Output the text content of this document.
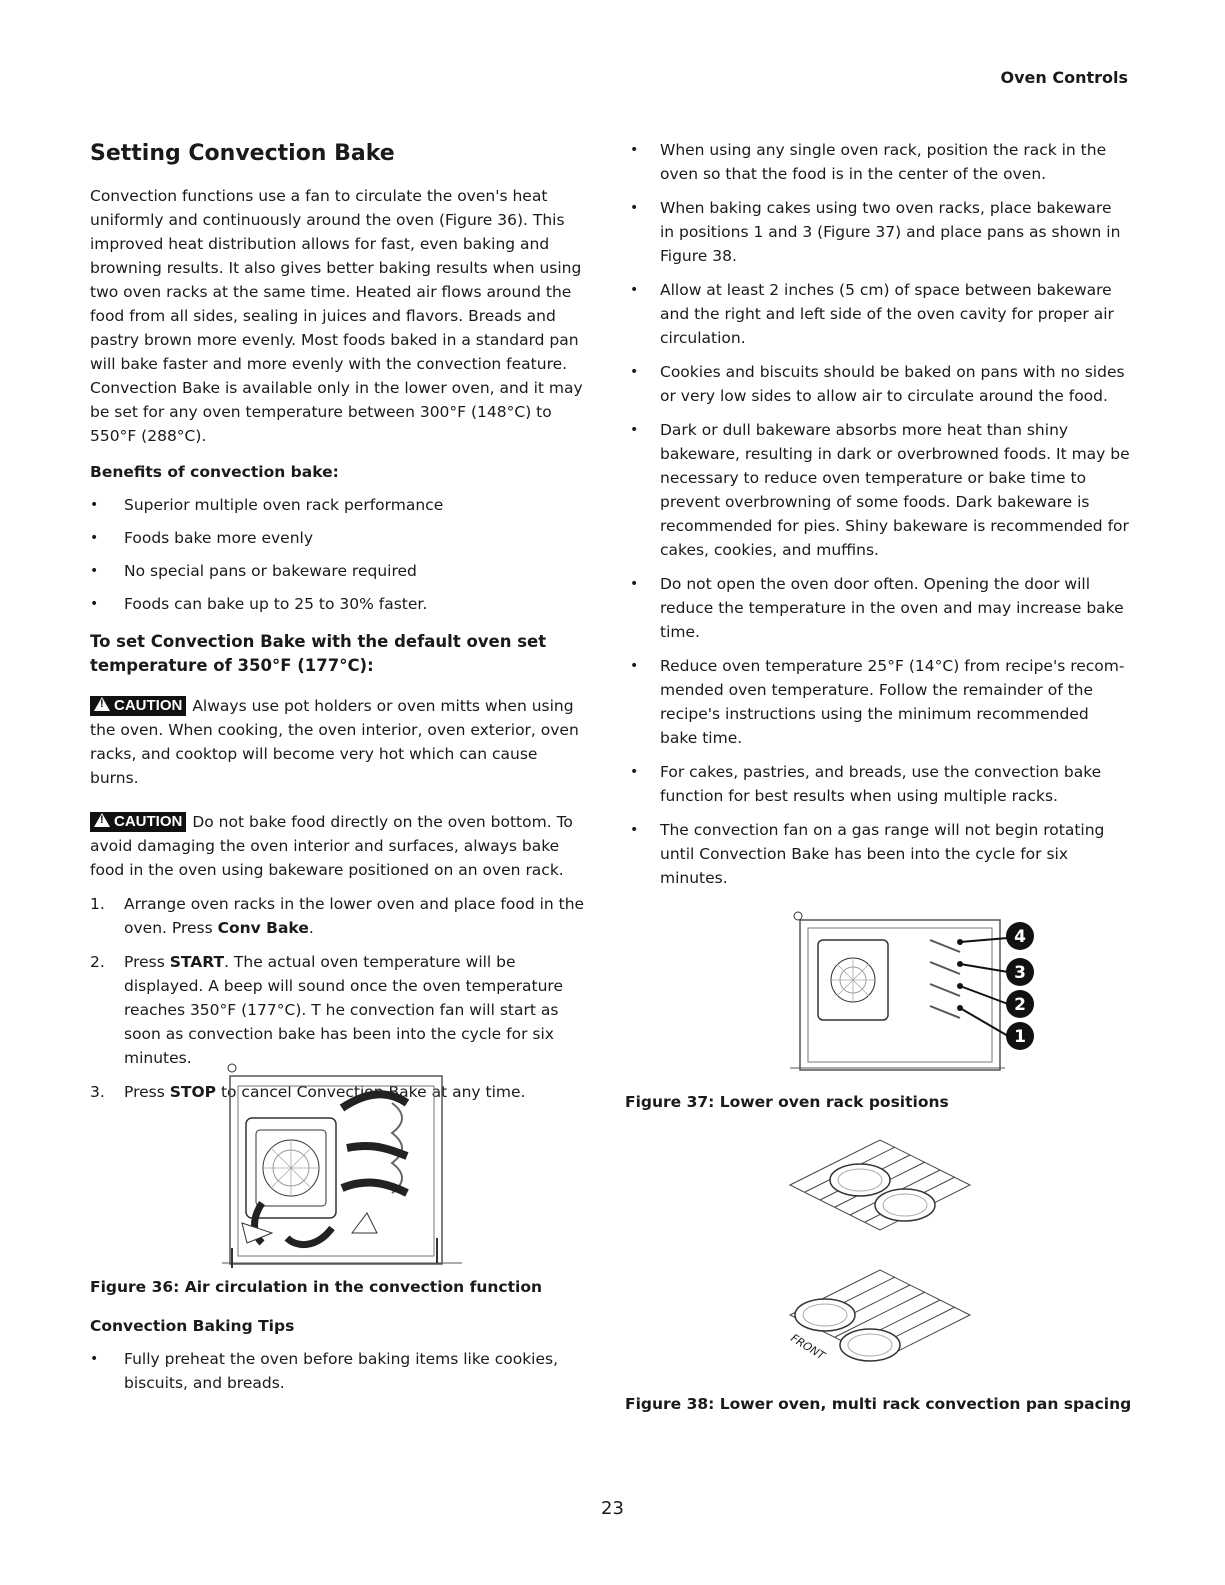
Oven Controls
Setting Convection Bake

Convection functions use a fan to circulate the oven's heat uniformly and continuously around the oven (Figure 36). This improved heat distribution allows for fast, even baking and browning results. It also gives better baking results when using two oven racks at the same time. Heated air flows around the food from all sides, sealing in juices and flavors. Breads and pastry brown more evenly. Most foods baked in a standard pan will bake faster and more evenly with the convection feature. Convection Bake is available only in the lower oven, and it may be set for any oven temperature between 300°F (148°C) to 550°F (288°C).

Benefits of convection bake:

• Superior multiple oven rack performance
• Foods bake more evenly
• No special pans or bakeware required
• Foods can bake up to 25 to 30% faster.

To set Convection Bake with the default oven set temperature of 350°F (177°C):

!CAUTION Always use pot holders or oven mitts when using the oven. When cooking, the oven interior, oven exterior, oven racks, and cooktop will become very hot which can cause burns.

!CAUTION Do not bake food directly on the oven bottom. To avoid damaging the oven interior and surfaces, always bake food in the oven using bakeware positioned on an oven rack.

1. Arrange oven racks in the lower oven and place food in the oven. Press Conv Bake.
2. Press START. The actual oven temperature will be displayed. A beep will sound once the oven temperature reaches 350°F (177°C). T he convection fan will start as soon as convection bake has been into the cycle for six minutes.
3. Press STOP to cancel Convection Bake at any time.
Figure 36: Air circulation in the convection function

Convection Baking Tips

• Fully preheat the oven before baking items like cookies, biscuits, and breads.
• When using any single oven rack, position the rack in the oven so that the food is in the center of the oven.
• When baking cakes using two oven racks, place bakeware in positions 1 and 3 (Figure 37) and place pans as shown in Figure 38.
• Allow at least 2 inches (5 cm) of space between bakeware and the right and left side of the oven cavity for proper air circulation.
• Cookies and biscuits should be baked on pans with no sides or very low sides to allow air to circulate around the food.
• Dark or dull bakeware absorbs more heat than shiny bakeware, resulting in dark or overbrowned foods. It may be necessary to reduce oven temperature or bake time to prevent overbrowning of some foods. Dark bakeware is recommended for pies. Shiny bakeware is recommended for cakes, cookies, and muffins.
• Do not open the oven door often. Opening the door will reduce the temperature in the oven and may increase bake time.
• Reduce oven temperature 25°F (14°C) from recipe's recom-mended oven temperature. Follow the remainder of the recipe's instructions using the minimum recommended bake time.
• For cakes, pastries, and breads, use the convection bake function for best results when using multiple racks.
• The convection fan on a gas range will not begin rotating until Convection Bake has been into the cycle for six minutes.
4
3
2
1
Figure 37: Lower oven rack positions
FRONT
Figure 38: Lower oven, multi rack convection pan spacing
23
